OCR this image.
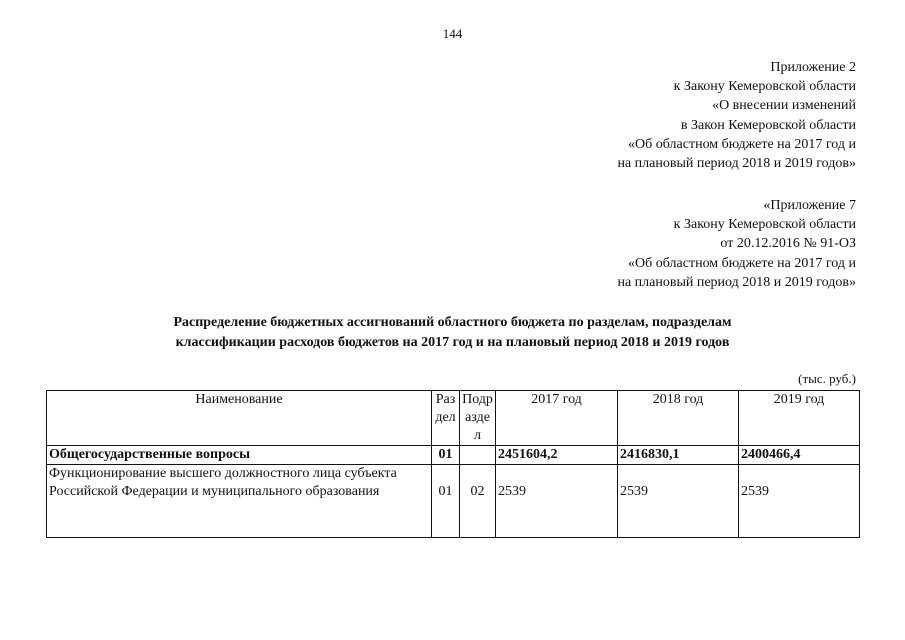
144
Приложение 2
к Закону Кемеровской области
«О внесении изменений
в Закон Кемеровской области
«Об областном бюджете на 2017 год и
на плановый период 2018 и 2019 годов»
«Приложение 7
к Закону Кемеровской области
от 20.12.2016 № 91-ОЗ
«Об областном бюджете на 2017 год и
на плановый период 2018 и 2019 годов»
Распределение бюджетных ассигнований областного бюджета по разделам, подразделам
классификации расходов бюджетов на 2017 год и на плановый период 2018 и 2019 годов
(тыс. руб.)
Наименование	Раздел	Подраздел	2017 год	2018 год	2019 год
Общегосударственные вопросы	01		2451604,2	2416830,1	2400466,4
Функционирование высшего должностного лица субъекта Российской Федерации и муниципального образования	01	02	2539	2539	2539
